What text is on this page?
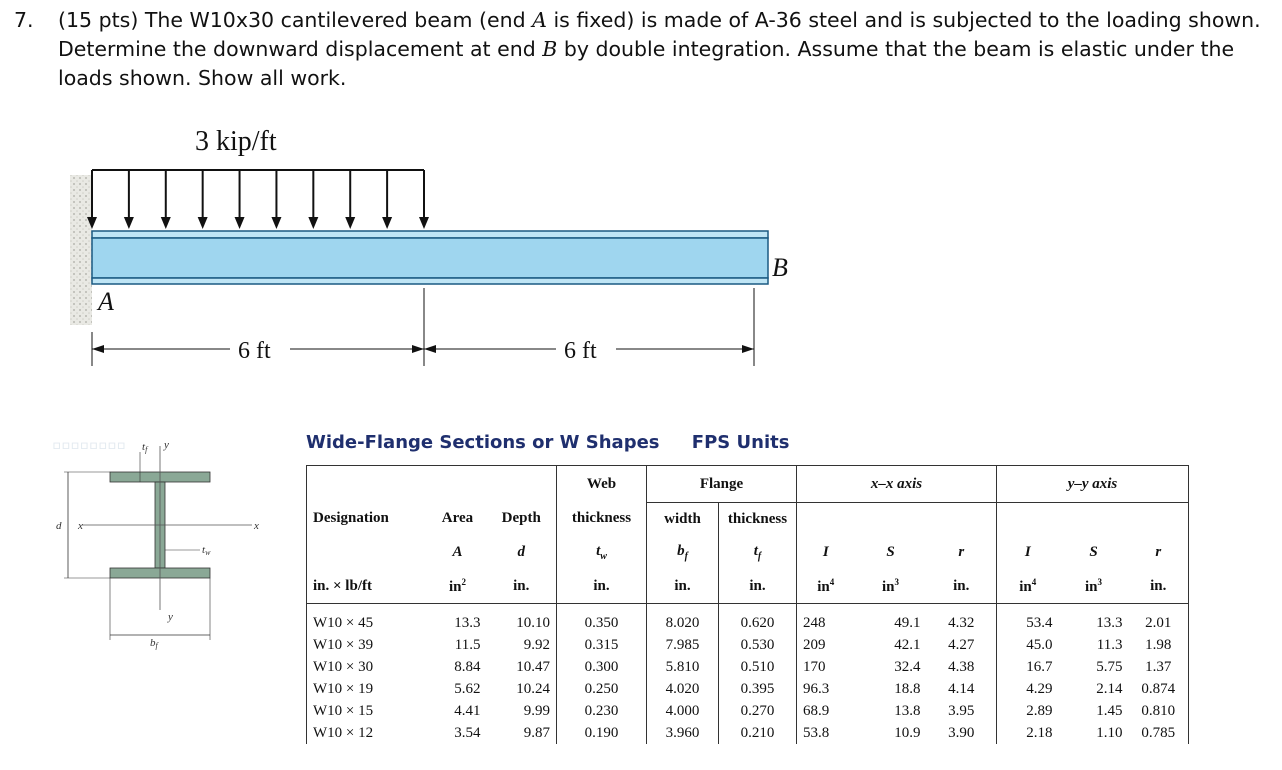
7. (15 pts) The W10x30 cantilevered beam (end A is fixed) is made of A-36 steel and is subjected to the loading shown. Determine the downward displacement at end B by double integration. Assume that the beam is elastic under the loads shown. Show all work.
3 kip/ft
B
A
6 ft	6 ft
▫▫▫▫▫▫▫▫	y
y
x	x
d
tf
tw
bf
Wide-Flange Sections or W Shapes FPS Units
			Web	Flange		x–x axis			y–y axis		
Designation	Area	Depth	thickness	width	thickness						
	A	d	$t_w$	$b_f$	$t_f$	I	S	r	I	S	r
in. × lb/ft	$in^2$	in.	in.	in.	in.	$in^4$	$in^3$	in.	$in^4$	$in^3$	in.
W10 × 45	13.3	10.10	0.350	8.020	0.620	248	49.1	4.32	53.4	13.3	2.01
W10 × 39	11.5	9.92	0.315	7.985	0.530	209	42.1	4.27	45.0	11.3	1.98
W10 × 30	8.84	10.47	0.300	5.810	0.510	170	32.4	4.38	16.7	5.75	1.37
W10 × 19	5.62	10.24	0.250	4.020	0.395	96.3	18.8	4.14	4.29	2.14	0.874
W10 × 15	4.41	9.99	0.230	4.000	0.270	68.9	13.8	3.95	2.89	1.45	0.810
W10 × 12	3.54	9.87	0.190	3.960	0.210	53.8	10.9	3.90	2.18	1.10	0.785
